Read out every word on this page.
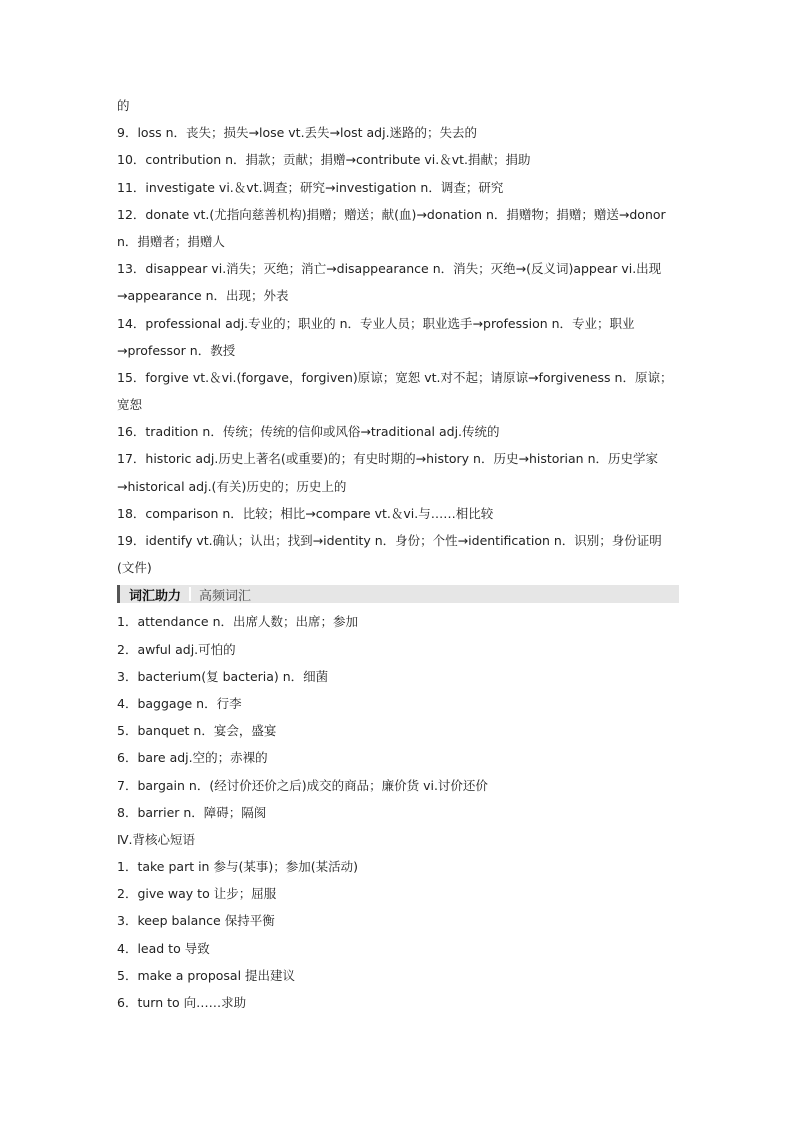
的
9．loss n．丧失；损失→lose vt.丢失→lost adj.迷路的；失去的
10．contribution n．捐款；贡献；捐赠→contribute vi.＆vt.捐献；捐助
11．investigate vi.＆vt.调查；研究→investigation n．调查；研究
12．donate vt.(尤指向慈善机构)捐赠；赠送；献(血)→donation n．捐赠物；捐赠；赠送→donor
n．捐赠者；捐赠人
13．disappear vi.消失；灭绝；消亡→disappearance n．消失；灭绝→(反义词)appear vi.出现
→appearance n．出现；外表
14．professional adj.专业的；职业的 n．专业人员；职业选手→profession n．专业；职业
→professor n．教授
15．forgive vt.＆vi.(forgave，forgiven)原谅；宽恕 vt.对不起；请原谅→forgiveness n．原谅；
宽恕
16．tradition n．传统；传统的信仰或风俗→traditional adj.传统的
17．historic adj.历史上著名(或重要)的；有史时期的→history n．历史→historian n．历史学家
→historical adj.(有关)历史的；历史上的
18．comparison n．比较；相比→compare vt.＆vi.与……相比较
19．identify vt.确认；认出；找到→identity n．身份；个性→identification n．识别；身份证明
(文件)
词汇助力 高频词汇
1．attendance n．出席人数；出席；参加
2．awful adj.可怕的
3．bacterium(复 bacteria) n．细菌
4．baggage n．行李
5．banquet n．宴会，盛宴
6．bare adj.空的；赤裸的
7．bargain n．(经讨价还价之后)成交的商品；廉价货 vi.讨价还价
8．barrier n．障碍；隔阂
Ⅳ.背核心短语
1．take part in 参与(某事)；参加(某活动)
2．give way to 让步；屈服
3．keep balance 保持平衡
4．lead to 导致
5．make a proposal 提出建议
6．turn to 向……求助
